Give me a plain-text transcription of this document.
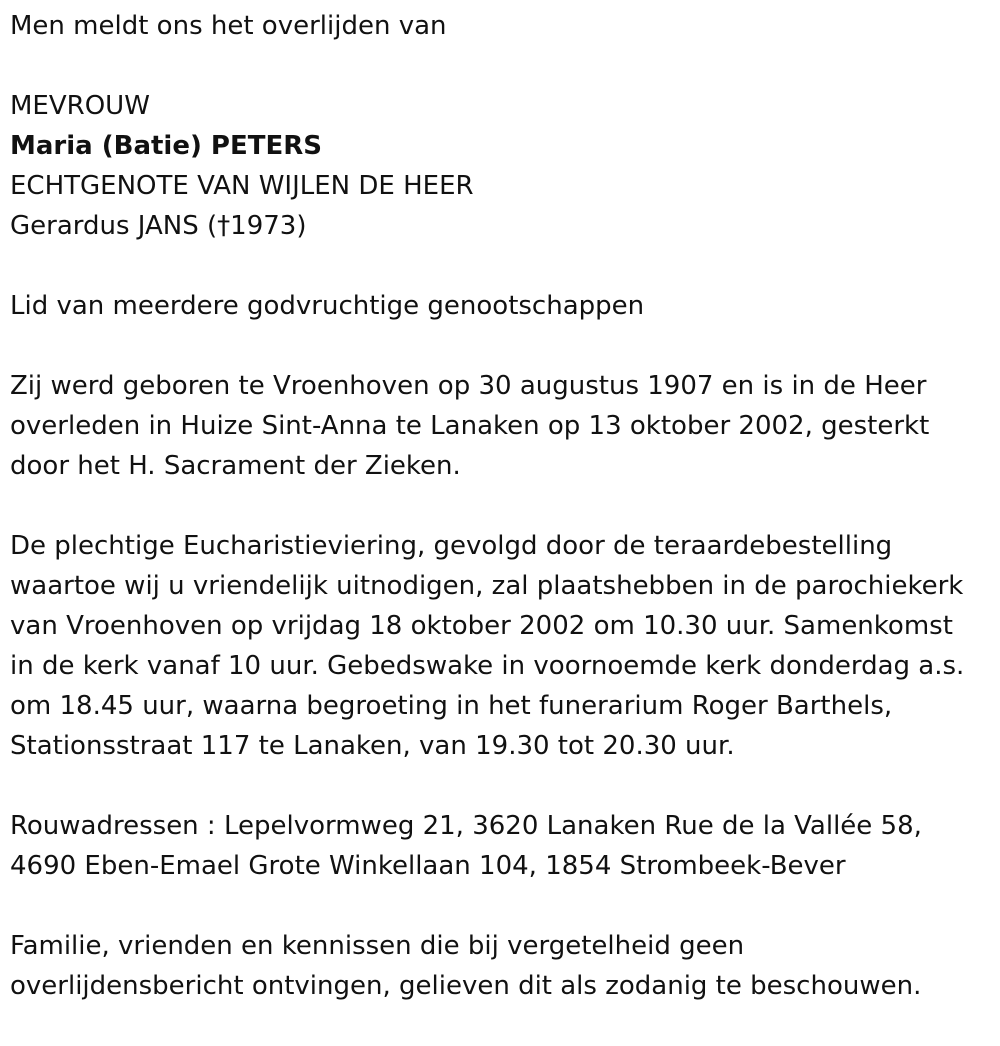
Men meldt ons het overlijden van

MEVROUW

Maria (Batie) PETERS

ECHTGENOTE VAN WIJLEN DE HEER

Gerardus JANS (†1973)

Lid van meerdere godvruchtige genootschappen

Zij werd geboren te Vroenhoven op 30 augustus 1907 en is in de Heer

overleden in Huize Sint-Anna te Lanaken op 13 oktober 2002, gesterkt

door het H. Sacrament der Zieken.

De plechtige Eucharistieviering, gevolgd door de teraardebestelling

waartoe wij u vriendelijk uitnodigen, zal plaatshebben in de parochiekerk

van Vroenhoven op vrijdag 18 oktober 2002 om 10.30 uur. Samenkomst

in de kerk vanaf 10 uur. Gebedswake in voornoemde kerk donderdag a.s.

om 18.45 uur, waarna begroeting in het funerarium Roger Barthels,

Stationsstraat 117 te Lanaken, van 19.30 tot 20.30 uur.

Rouwadressen : Lepelvormweg 21, 3620 Lanaken Rue de la Vallée 58,

4690 Eben-Emael Grote Winkellaan 104, 1854 Strombeek-Bever

Familie, vrienden en kennissen die bij vergetelheid geen

overlijdensbericht ontvingen, gelieven dit als zodanig te beschouwen.
